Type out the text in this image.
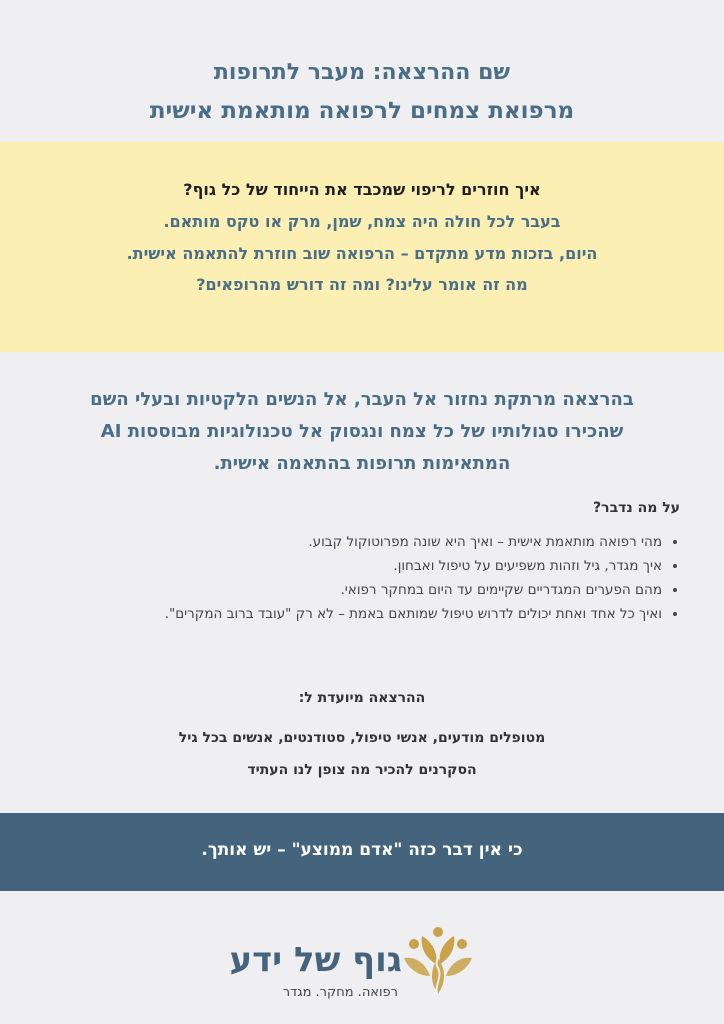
שם ההרצאה: מעבר לתרופות
מרפואת צמחים לרפואה מותאמת אישית
איך חוזרים לריפוי שמכבד את הייחוד של כל גוף?
בעבר לכל חולה היה צמח, שמן, מרק או טקס מותאם.
היום, בזכות מדע מתקדם – הרפואה שוב חוזרת להתאמה אישית.
מה זה אומר עלינו? ומה זה דורש מהרופאים?
בהרצאה מרתקת נחזור אל העבר, אל הנשים הלקטיות ובעלי השם
שהכירו סגולותיו של כל צמח ונגסוק אל טכנולוגיות מבוססות AI
המתאימות תרופות בהתאמה אישית.
על מה נדבר?
• מהי רפואה מותאמת אישית – ואיך היא שונה מפרוטוקול קבוע.
• איך מגדר, גיל וזהות משפיעים על טיפול ואבחון.
• מהם הפערים המגדריים שקיימים עד היום במחקר רפואי.
• ואיך כל אחד ואחת יכולים לדרוש טיפול שמותאם באמת – לא רק "עובד ברוב המקרים".
ההרצאה מיועדת ל:
מטופלים מודעים, אנשי טיפול, סטודנטים, אנשים בכל גיל
הסקרנים להכיר מה צופן לנו העתיד
כי אין דבר כזה "אדם ממוצע" – יש אותך.
גוף של ידע
רפואה. מחקר. מגדר
